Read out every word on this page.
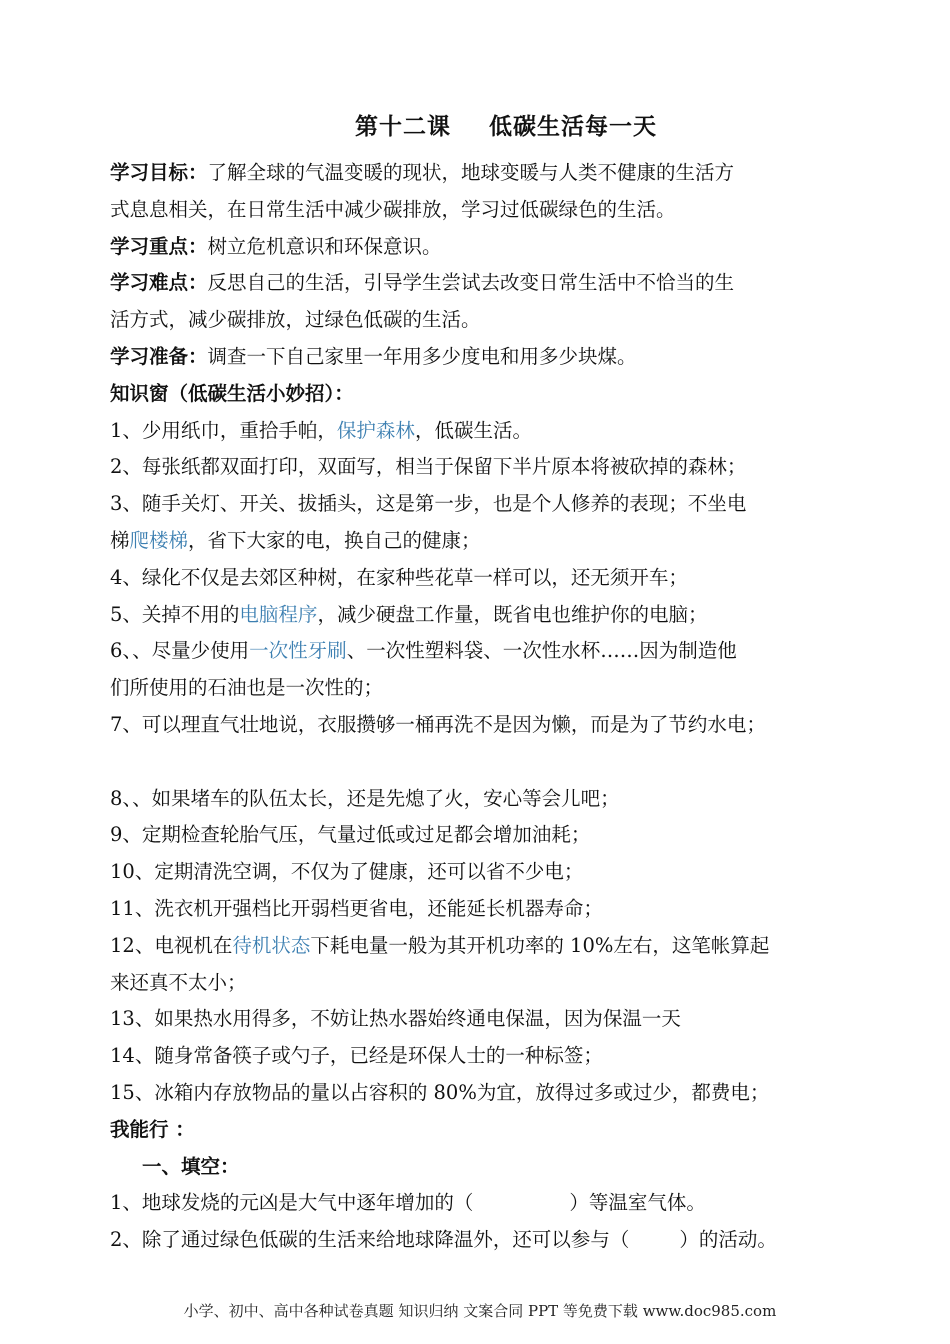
第十二课 低碳生活每一天
学习目标：了解全球的气温变暖的现状，地球变暖与人类不健康的生活方
式息息相关，在日常生活中减少碳排放，学习过低碳绿色的生活。
学习重点：树立危机意识和环保意识。
学习难点：反思自己的生活，引导学生尝试去改变日常生活中不恰当的生
活方式，减少碳排放，过绿色低碳的生活。
学习准备：调查一下自己家里一年用多少度电和用多少块煤。
知识窗（低碳生活小妙招）：
1、少用纸巾，重拾手帕，保护森林，低碳生活。
2、每张纸都双面打印，双面写，相当于保留下半片原本将被砍掉的森林；
3、随手关灯、开关、拔插头，这是第一步，也是个人修养的表现；不坐电
梯爬楼梯，省下大家的电，换自己的健康；
4、绿化不仅是去郊区种树，在家种些花草一样可以，还无须开车；
5、关掉不用的电脑程序，减少硬盘工作量，既省电也维护你的电脑；
6、、尽量少使用一次性牙刷、一次性塑料袋、一次性水杯……因为制造他
们所使用的石油也是一次性的；
7、可以理直气壮地说，衣服攒够一桶再洗不是因为懒，而是为了节约水电；
8、、如果堵车的队伍太长，还是先熄了火，安心等会儿吧；
9、定期检查轮胎气压，气量过低或过足都会增加油耗；
10、定期清洗空调，不仅为了健康，还可以省不少电；
11、洗衣机开强档比开弱档更省电，还能延长机器寿命；
12、电视机在待机状态下耗电量一般为其开机功率的 10%左右，这笔帐算起
来还真不太小；
13、如果热水用得多，不妨让热水器始终通电保温，因为保温一天
14、随身常备筷子或勺子，已经是环保人士的一种标签；
15、冰箱内存放物品的量以占容积的 80%为宜，放得过多或过少，都费电；
我能行 ：
一、填空：
1、地球发烧的元凶是大气中逐年增加的（	）等温室气体。
2、除了通过绿色低碳的生活来给地球降温外，还可以参与（	）的活动。
小学、初中、高中各种试卷真题 知识归纳 文案合同 PPT 等免费下载 www.doc985.com
